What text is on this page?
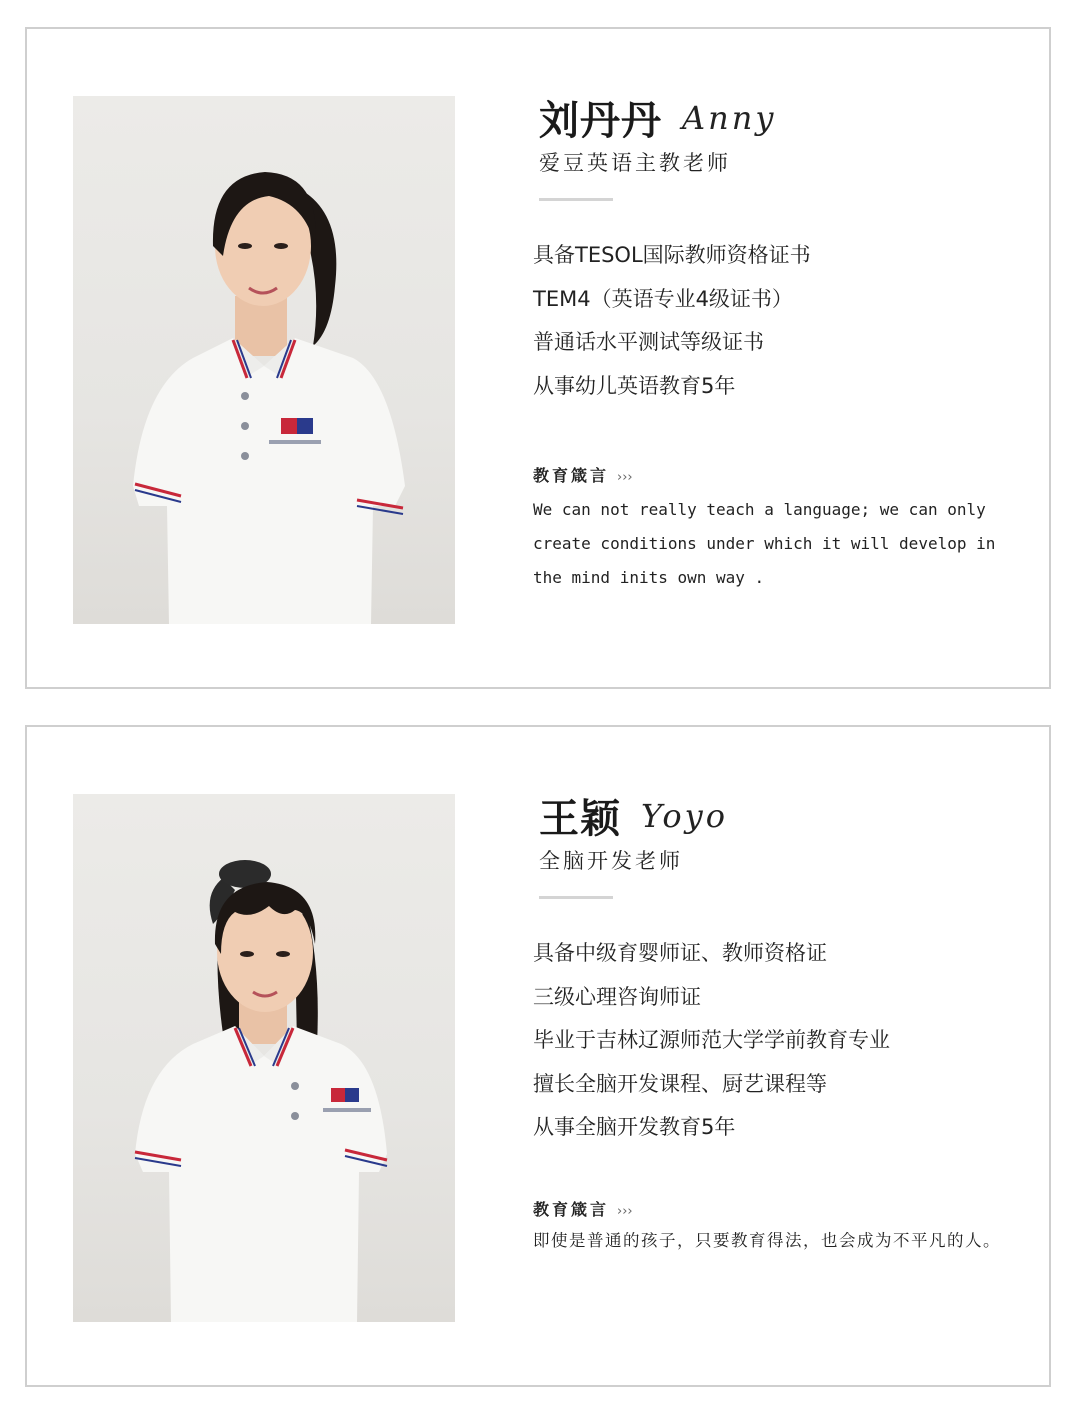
刘丹丹 Anny
爱豆英语主教老师
具备TESOL国际教师资格证书
TEM4（英语专业4级证书）
普通话水平测试等级证书
从事幼儿英语教育5年
教育箴言 ›››

We can not really teach a language; we can only create conditions under which it will develop in the mind inits own way .

王颖 Yoyo
全脑开发老师
具备中级育婴师证、教师资格证
三级心理咨询师证
毕业于吉林辽源师范大学学前教育专业
擅长全脑开发课程、厨艺课程等
从事全脑开发教育5年
教育箴言 ›››

即使是普通的孩子，只要教育得法，也会成为不平凡的人。
